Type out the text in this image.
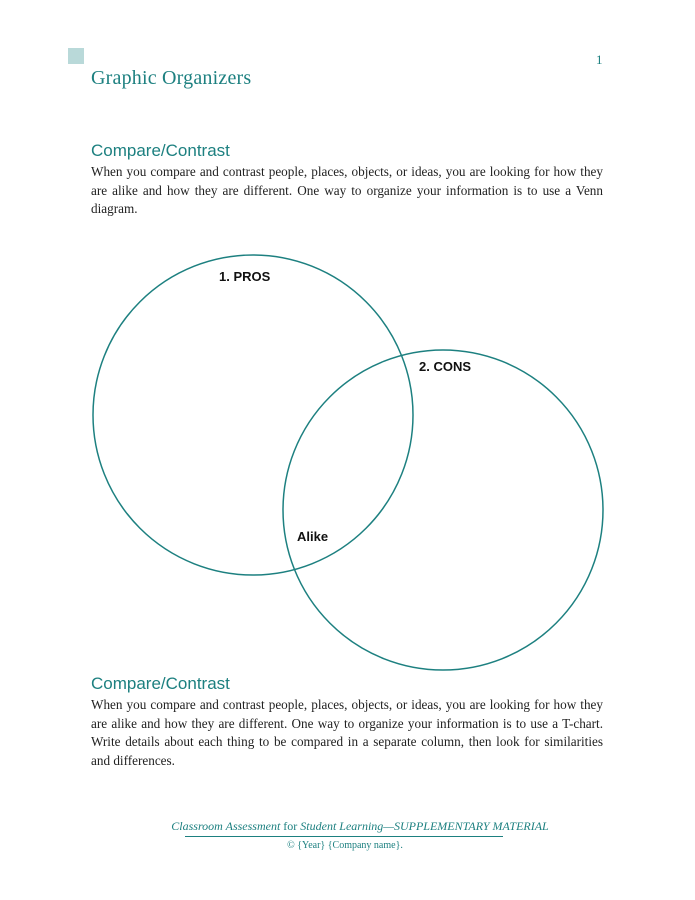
1
Graphic Organizers
Compare/Contrast

When you compare and contrast people, places, objects, or ideas, you are looking for how they are alike and how they are different. One way to organize your information is to use a Venn diagram.

1. PROS
2. CONS
Alike
Compare/Contrast

When you compare and contrast people, places, objects, or ideas, you are looking for how they are alike and how they are different. One way to organize your information is to use a T-chart. Write details about each thing to be compared in a separate column, then look for similarities and differences.

Classroom Assessment for Student Learning—SUPPLEMENTARY MATERIAL
© {Year} {Company name}.
